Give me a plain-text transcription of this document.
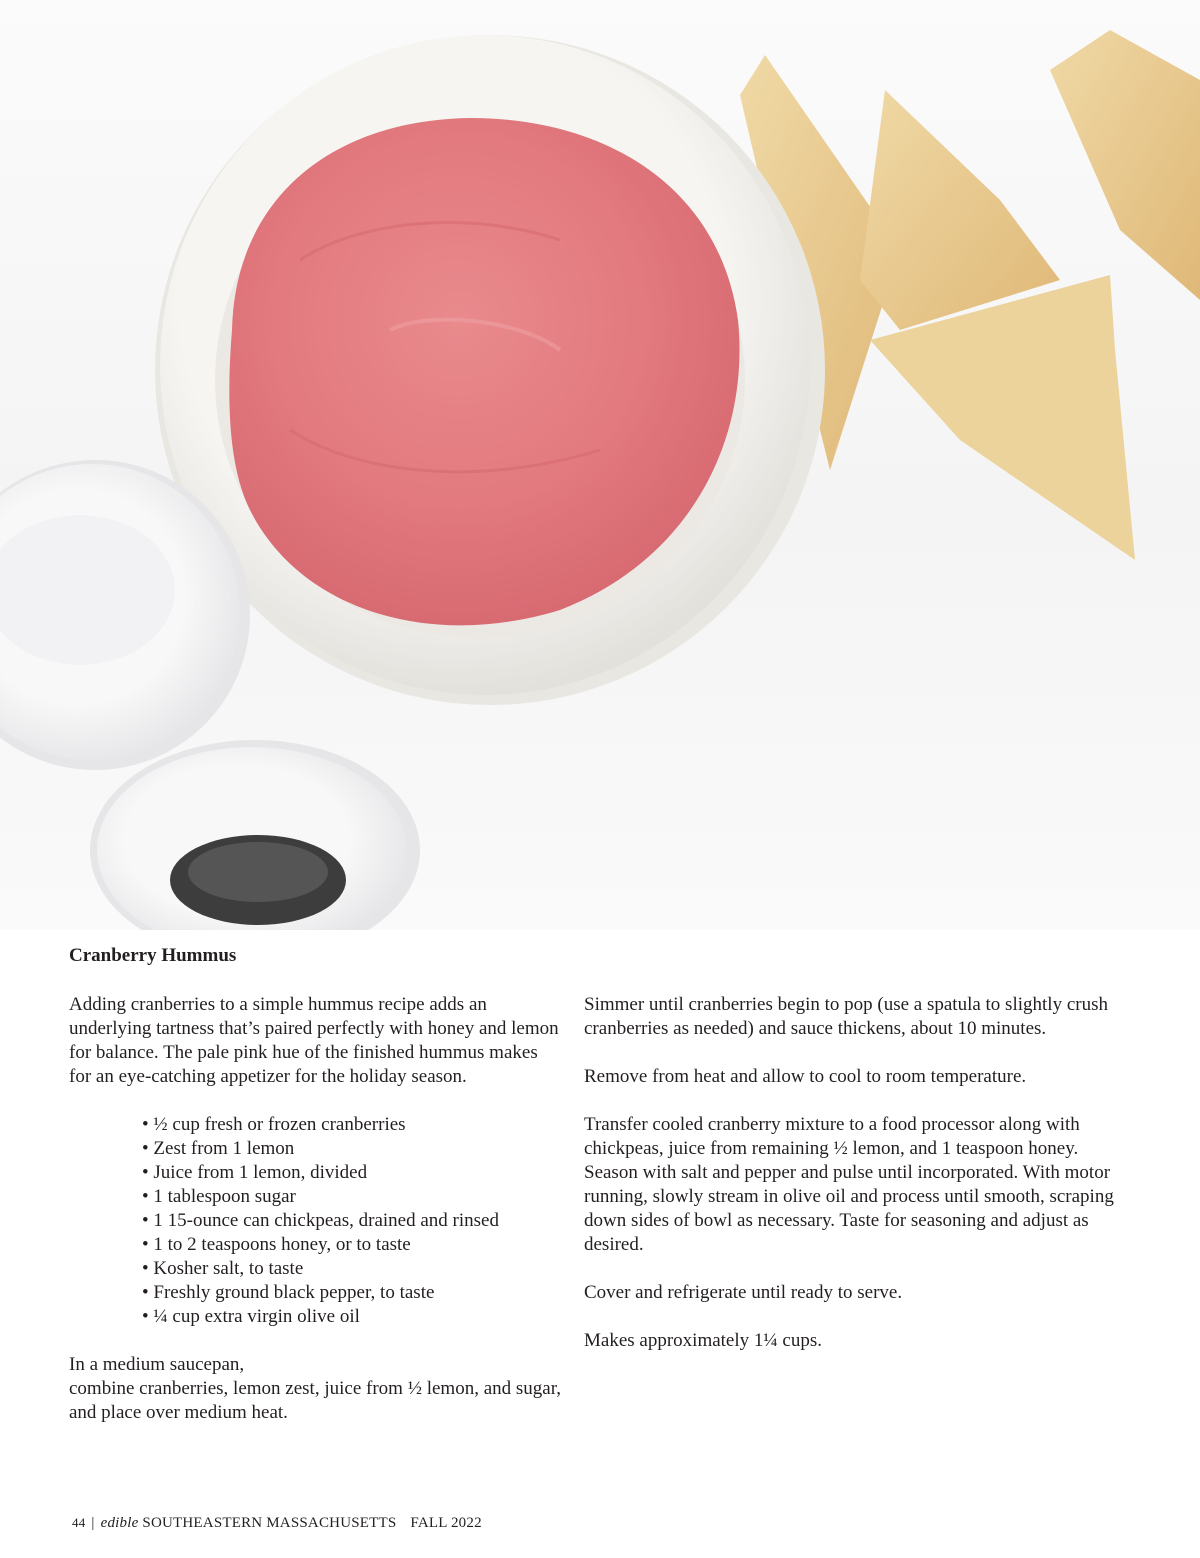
Cranberry Hummus

Adding cranberries to a simple hummus recipe adds an underlying tartness that’s paired perfectly with honey and lemon for balance. The pale pink hue of the finished hummus makes for an eye-catching appetizer for the holiday season.

• ½ cup fresh or frozen cranberries
• Zest from 1 lemon
• Juice from 1 lemon, divided
• 1 tablespoon sugar
• 1 15-ounce can chickpeas, drained and rinsed
• 1 to 2 teaspoons honey, or to taste
• Kosher salt, to taste
• Freshly ground black pepper, to taste
• ¼ cup extra virgin olive oil

In a medium saucepan,
combine cranberries, lemon zest, juice from ½ lemon, and sugar, and place over medium heat.

Simmer until cranberries begin to pop (use a spatula to slightly crush cranberries as needed) and sauce thickens, about 10 minutes.

Remove from heat and allow to cool to room temperature.

Transfer cooled cranberry mixture to a food processor along with chickpeas, juice from remaining ½ lemon, and 1 teaspoon honey. Season with salt and pepper and pulse until incorporated. With motor running, slowly stream in olive oil and process until smooth, scraping down sides of bowl as necessary. Taste for seasoning and adjust as desired.

Cover and refrigerate until ready to serve.

Makes approximately 1¼ cups.

44 | edible SOUTHEASTERN MASSACHUSETTS FALL 2022
